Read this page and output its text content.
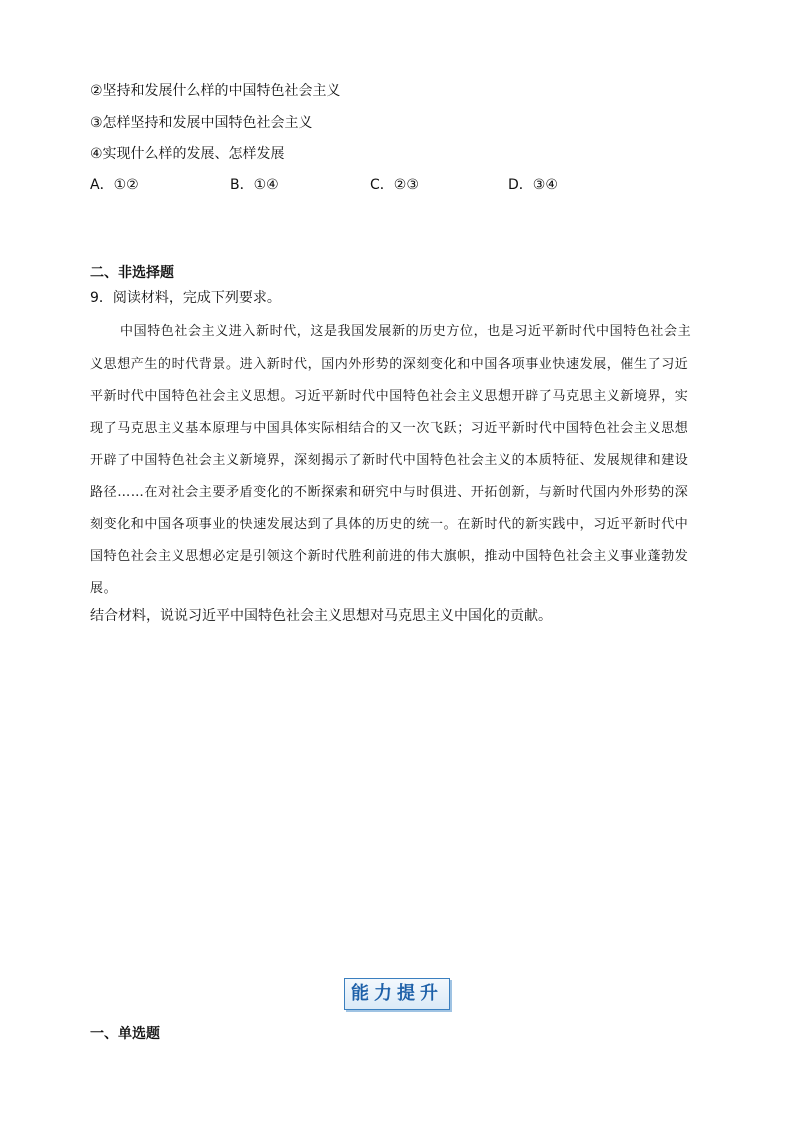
②坚持和发展什么样的中国特色社会主义
③怎样坚持和发展中国特色社会主义
④实现什么样的发展、怎样发展
A．①②	B．①④	C．②③	D．③④
二、非选择题
9．阅读材料，完成下列要求。
中国特色社会主义进入新时代，这是我国发展新的历史方位，也是习近平新时代中国特色社会主
义思想产生的时代背景。进入新时代，国内外形势的深刻变化和中国各项事业快速发展，催生了习近
平新时代中国特色社会主义思想。习近平新时代中国特色社会主义思想开辟了马克思主义新境界，实
现了马克思主义基本原理与中国具体实际相结合的又一次飞跃；习近平新时代中国特色社会主义思想
开辟了中国特色社会主义新境界，深刻揭示了新时代中国特色社会主义的本质特征、发展规律和建设
路径……在对社会主要矛盾变化的不断探索和研究中与时俱进、开拓创新，与新时代国内外形势的深
刻变化和中国各项事业的快速发展达到了具体的历史的统一。在新时代的新实践中，习近平新时代中
国特色社会主义思想必定是引领这个新时代胜利前进的伟大旗帜，推动中国特色社会主义事业蓬勃发
展。
结合材料，说说习近平中国特色社会主义思想对马克思主义中国化的贡献。
能力提升
一、单选题
